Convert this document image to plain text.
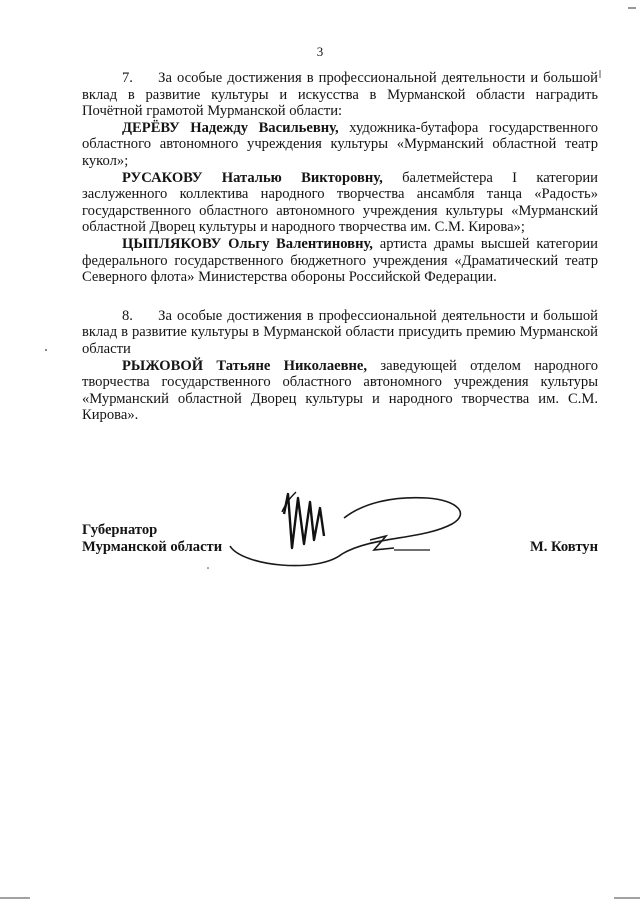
3

7.     За особые достижения в профессиональной деятельности и большой вклад в развитие культуры и искусства в Мурманской области наградить Почётной грамотой Мурманской области:

ДЕРЁВУ Надежду Васильевну, художника-бутафора государственного областного автономного учреждения культуры «Мурманский областной театр кукол»;

РУСАКОВУ Наталью Викторовну, балетмейстера I категории заслуженного коллектива народного творчества ансамбля танца «Радость» государственного областного автономного учреждения культуры «Мурманский областной Дворец культуры и народного творчества им. С.М. Кирова»;

ЦЫПЛЯКОВУ Ольгу Валентиновну, артиста драмы высшей категории федерального государственного бюджетного учреждения «Драматический театр Северного флота» Министерства обороны Российской Федерации.

8.     За особые достижения в профессиональной деятельности и большой вклад в развитие культуры в Мурманской области присудить премию Мурманской области

РЫЖОВОЙ Татьяне Николаевне, заведующей отделом народного творчества государственного областного автономного учреждения культуры «Мурманский областной Дворец культуры и народного творчества им. С.М. Кирова».

Губернатор

Мурманской области	М. Ковтун
